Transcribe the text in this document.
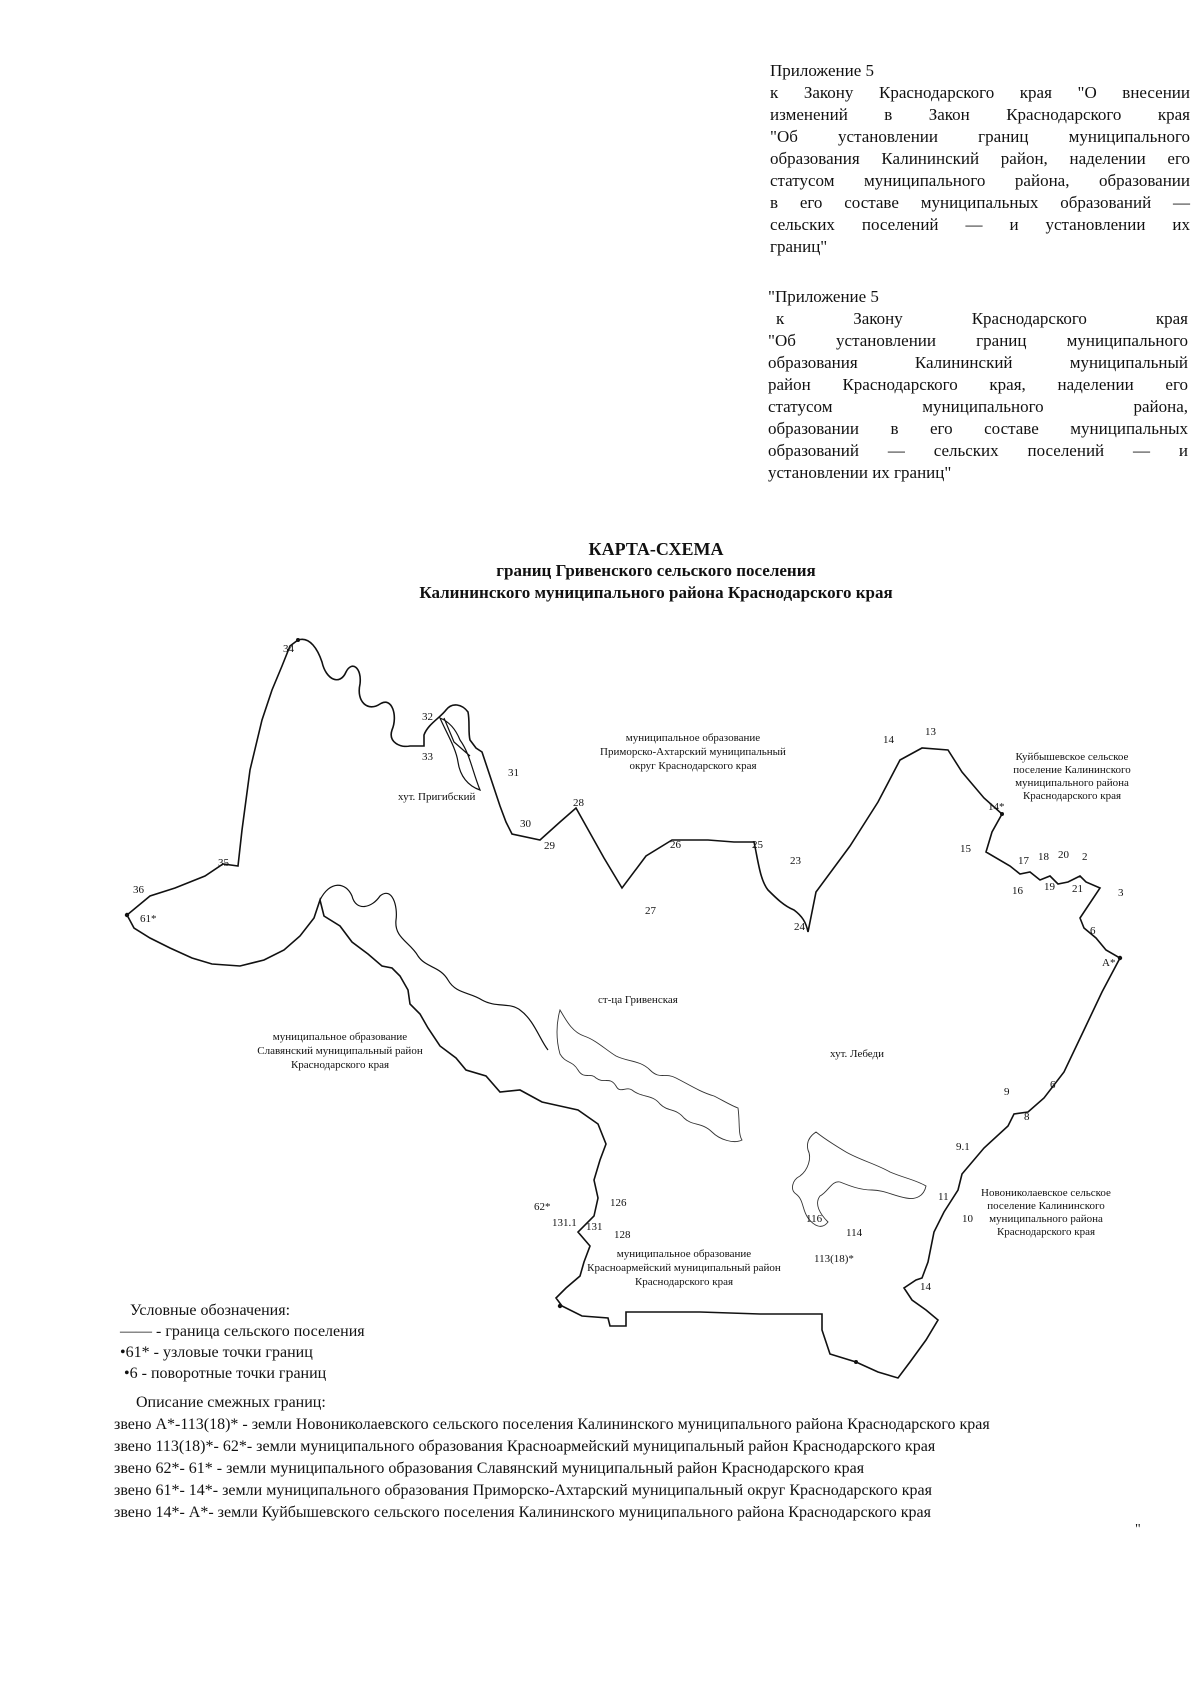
Приложение 5
к Закону Краснодарского края "О внесении
изменений в Закон Краснодарского края
"Об установлении границ муниципального
образования Калининский район, наделении его
статусом муниципального района, образовании
в его составе муниципальных образований —
сельских поселений — и установлении их
границ"
"Приложение 5
к Закону Краснодарского края
"Об установлении границ муниципального
образования Калининский муниципальный
район Краснодарского края, наделении его
статусом муниципального района,
образовании в его составе муниципальных
образований — сельских поселений — и
установлении их границ"
КАРТА-СХЕМА
границ Гривенского сельского поселения
Калининского муниципального района Краснодарского края
34
35
36
61*
32
33
31
30
29
28
27
26	25
24
23
14
13
14*
15
16
17 18
19
20 2
21	3
6
A*
6
9
8
9.1
11
10
14
113(18)*
114
116
126
128
131
131.1
62*
муниципальное образование
Приморско-Ахтарский муниципальный
округ Краснодарского края
Куйбышевское сельское
поселение Калининского
муниципального района
Краснодарского края
Новониколаевское сельское
поселение Калининского
муниципального района
Краснодарского края
муниципальное образование
Красноармейский муниципальный район
Краснодарского края
муниципальное образование
Славянский муниципальный район
Краснодарского края
ст-ца Гривенская
хут. Лебеди
хут. Пригибский
Условные обозначения:
—— - граница сельского поселения
•61* - узловые точки границ
•6 - поворотные точки границ
Описание смежных границ:
звено А*-113(18)* - земли Новониколаевского сельского поселения Калининского муниципального района Краснодарского края
звено 113(18)*- 62*- земли муниципального образования Красноармейский муниципальный район Краснодарского края
звено 62*- 61* - земли муниципального образования Славянский муниципальный район Краснодарского края
звено 61*- 14*- земли муниципального образования Приморско-Ахтарский муниципальный округ Краснодарского края
звено 14*- А*- земли Куйбышевского сельского поселения Калининского муниципального района Краснодарского края
"
